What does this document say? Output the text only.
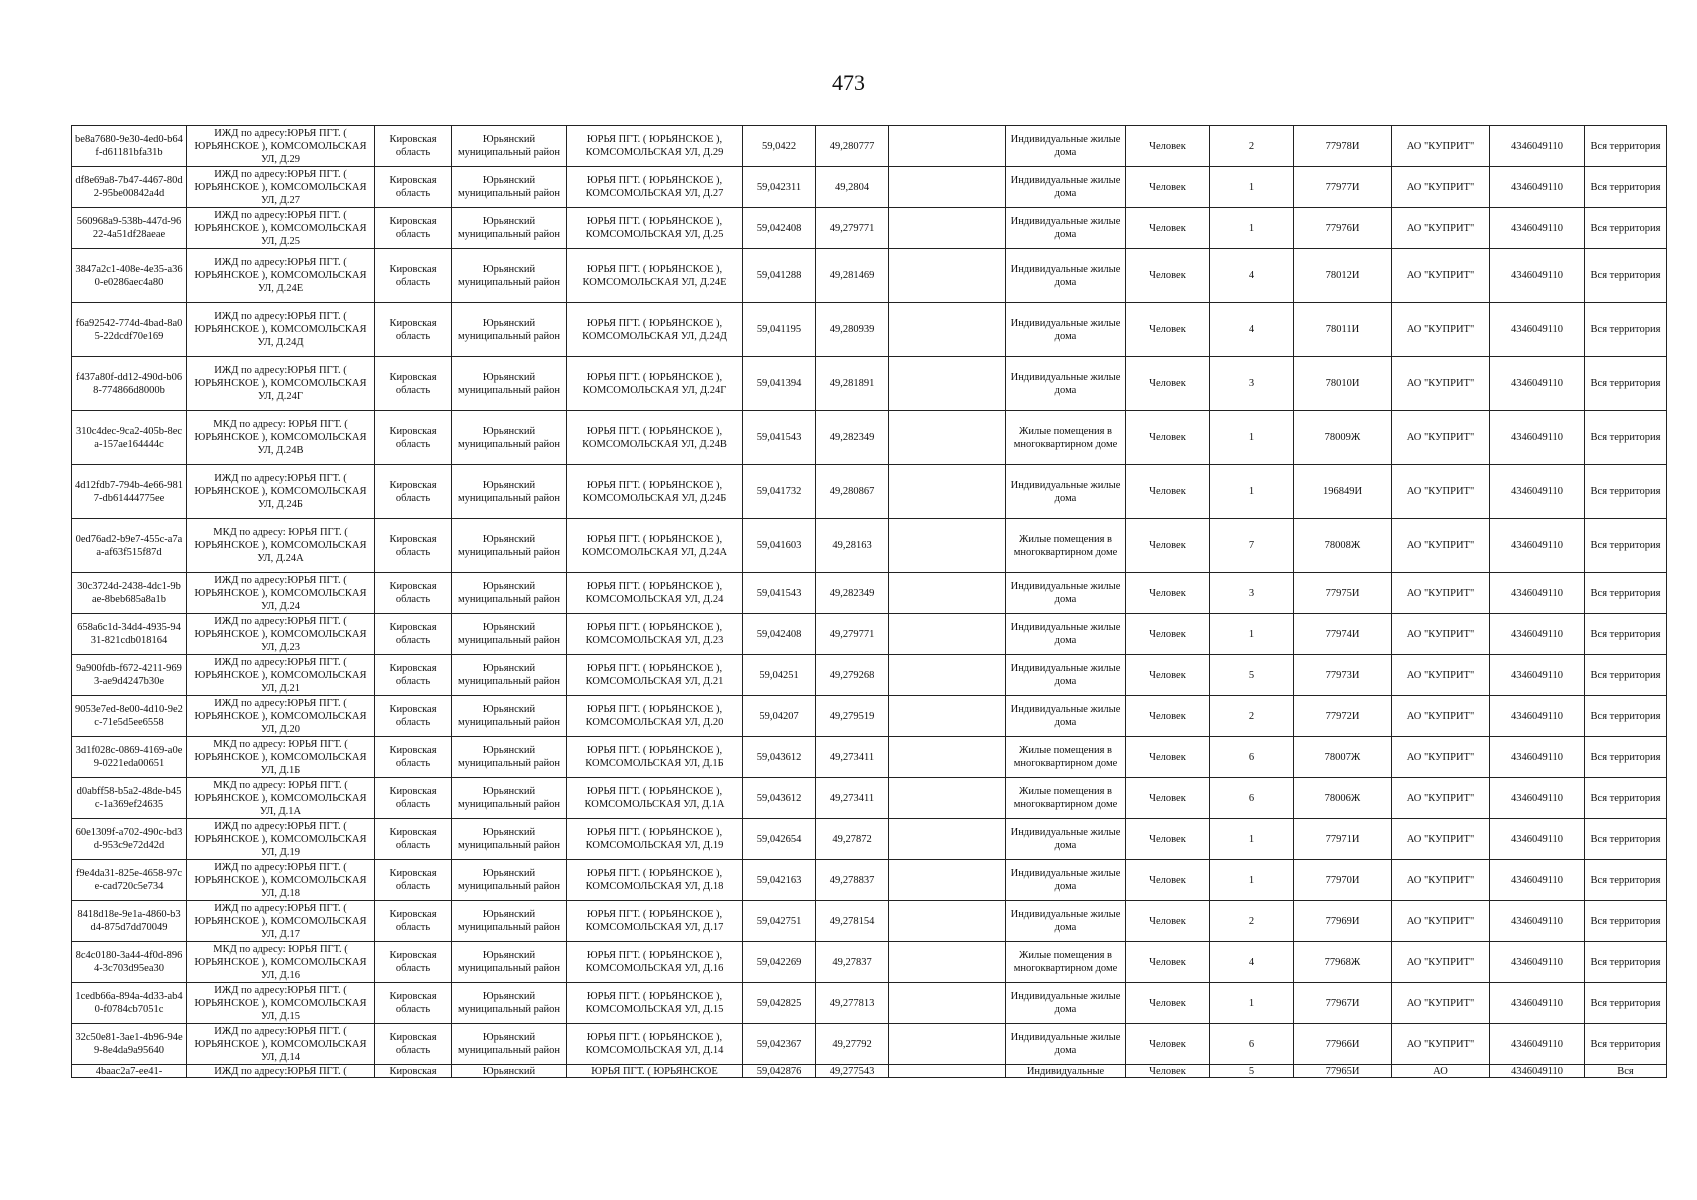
473
be8a7680-9e30-4ed0-b64f-d61181bfa31b	ИЖД по адресу:ЮРЬЯ ПГТ. ( ЮРЬЯНСКОЕ ), КОМСОМОЛЬСКАЯ УЛ, Д.29	Кировская область	Юрьянский муниципальный район	ЮРЬЯ ПГТ. ( ЮРЬЯНСКОЕ ), КОМСОМОЛЬСКАЯ УЛ, Д.29	59,0422	49,280777		Индивидуальные жилые дома	Человек	2	77978И	АО "КУПРИТ"	4346049110	Вся территория
df8e69a8-7b47-4467-80d2-95be00842a4d	ИЖД по адресу:ЮРЬЯ ПГТ. ( ЮРЬЯНСКОЕ ), КОМСОМОЛЬСКАЯ УЛ, Д.27	Кировская область	Юрьянский муниципальный район	ЮРЬЯ ПГТ. ( ЮРЬЯНСКОЕ ), КОМСОМОЛЬСКАЯ УЛ, Д.27	59,042311	49,2804		Индивидуальные жилые дома	Человек	1	77977И	АО "КУПРИТ"	4346049110	Вся территория
560968a9-538b-447d-9622-4a51df28aeae	ИЖД по адресу:ЮРЬЯ ПГТ. ( ЮРЬЯНСКОЕ ), КОМСОМОЛЬСКАЯ УЛ, Д.25	Кировская область	Юрьянский муниципальный район	ЮРЬЯ ПГТ. ( ЮРЬЯНСКОЕ ), КОМСОМОЛЬСКАЯ УЛ, Д.25	59,042408	49,279771		Индивидуальные жилые дома	Человек	1	77976И	АО "КУПРИТ"	4346049110	Вся территория
3847a2c1-408e-4e35-a360-e0286aec4a80	ИЖД по адресу:ЮРЬЯ ПГТ. ( ЮРЬЯНСКОЕ ), КОМСОМОЛЬСКАЯ УЛ, Д.24Е	Кировская область	Юрьянский муниципальный район	ЮРЬЯ ПГТ. ( ЮРЬЯНСКОЕ ), КОМСОМОЛЬСКАЯ УЛ, Д.24Е	59,041288	49,281469		Индивидуальные жилые дома	Человек	4	78012И	АО "КУПРИТ"	4346049110	Вся территория
f6a92542-774d-4bad-8a05-22dcdf70e169	ИЖД по адресу:ЮРЬЯ ПГТ. ( ЮРЬЯНСКОЕ ), КОМСОМОЛЬСКАЯ УЛ, Д.24Д	Кировская область	Юрьянский муниципальный район	ЮРЬЯ ПГТ. ( ЮРЬЯНСКОЕ ), КОМСОМОЛЬСКАЯ УЛ, Д.24Д	59,041195	49,280939		Индивидуальные жилые дома	Человек	4	78011И	АО "КУПРИТ"	4346049110	Вся территория
f437a80f-dd12-490d-b068-774866d8000b	ИЖД по адресу:ЮРЬЯ ПГТ. ( ЮРЬЯНСКОЕ ), КОМСОМОЛЬСКАЯ УЛ, Д.24Г	Кировская область	Юрьянский муниципальный район	ЮРЬЯ ПГТ. ( ЮРЬЯНСКОЕ ), КОМСОМОЛЬСКАЯ УЛ, Д.24Г	59,041394	49,281891		Индивидуальные жилые дома	Человек	3	78010И	АО "КУПРИТ"	4346049110	Вся территория
310c4dec-9ca2-405b-8eca-157ae164444c	МКД по адресу: ЮРЬЯ ПГТ. ( ЮРЬЯНСКОЕ ), КОМСОМОЛЬСКАЯ УЛ, Д.24В	Кировская область	Юрьянский муниципальный район	ЮРЬЯ ПГТ. ( ЮРЬЯНСКОЕ ), КОМСОМОЛЬСКАЯ УЛ, Д.24В	59,041543	49,282349		Жилые помещения в многоквартирном доме	Человек	1	78009Ж	АО "КУПРИТ"	4346049110	Вся территория
4d12fdb7-794b-4e66-9817-db61444775ee	ИЖД по адресу:ЮРЬЯ ПГТ. ( ЮРЬЯНСКОЕ ), КОМСОМОЛЬСКАЯ УЛ, Д.24Б	Кировская область	Юрьянский муниципальный район	ЮРЬЯ ПГТ. ( ЮРЬЯНСКОЕ ), КОМСОМОЛЬСКАЯ УЛ, Д.24Б	59,041732	49,280867		Индивидуальные жилые дома	Человек	1	196849И	АО "КУПРИТ"	4346049110	Вся территория
0ed76ad2-b9e7-455c-a7aa-af63f515f87d	МКД по адресу: ЮРЬЯ ПГТ. ( ЮРЬЯНСКОЕ ), КОМСОМОЛЬСКАЯ УЛ, Д.24А	Кировская область	Юрьянский муниципальный район	ЮРЬЯ ПГТ. ( ЮРЬЯНСКОЕ ), КОМСОМОЛЬСКАЯ УЛ, Д.24А	59,041603	49,28163		Жилые помещения в многоквартирном доме	Человек	7	78008Ж	АО "КУПРИТ"	4346049110	Вся территория
30c3724d-2438-4dc1-9bae-8beb685a8a1b	ИЖД по адресу:ЮРЬЯ ПГТ. ( ЮРЬЯНСКОЕ ), КОМСОМОЛЬСКАЯ УЛ, Д.24	Кировская область	Юрьянский муниципальный район	ЮРЬЯ ПГТ. ( ЮРЬЯНСКОЕ ), КОМСОМОЛЬСКАЯ УЛ, Д.24	59,041543	49,282349		Индивидуальные жилые дома	Человек	3	77975И	АО "КУПРИТ"	4346049110	Вся территория
658a6c1d-34d4-4935-9431-821cdb018164	ИЖД по адресу:ЮРЬЯ ПГТ. ( ЮРЬЯНСКОЕ ), КОМСОМОЛЬСКАЯ УЛ, Д.23	Кировская область	Юрьянский муниципальный район	ЮРЬЯ ПГТ. ( ЮРЬЯНСКОЕ ), КОМСОМОЛЬСКАЯ УЛ, Д.23	59,042408	49,279771		Индивидуальные жилые дома	Человек	1	77974И	АО "КУПРИТ"	4346049110	Вся территория
9a900fdb-f672-4211-9693-ae9d4247b30e	ИЖД по адресу:ЮРЬЯ ПГТ. ( ЮРЬЯНСКОЕ ), КОМСОМОЛЬСКАЯ УЛ, Д.21	Кировская область	Юрьянский муниципальный район	ЮРЬЯ ПГТ. ( ЮРЬЯНСКОЕ ), КОМСОМОЛЬСКАЯ УЛ, Д.21	59,04251	49,279268		Индивидуальные жилые дома	Человек	5	77973И	АО "КУПРИТ"	4346049110	Вся территория
9053e7ed-8e00-4d10-9e2c-71e5d5ee6558	ИЖД по адресу:ЮРЬЯ ПГТ. ( ЮРЬЯНСКОЕ ), КОМСОМОЛЬСКАЯ УЛ, Д.20	Кировская область	Юрьянский муниципальный район	ЮРЬЯ ПГТ. ( ЮРЬЯНСКОЕ ), КОМСОМОЛЬСКАЯ УЛ, Д.20	59,04207	49,279519		Индивидуальные жилые дома	Человек	2	77972И	АО "КУПРИТ"	4346049110	Вся территория
3d1f028c-0869-4169-a0e9-0221eda00651	МКД по адресу: ЮРЬЯ ПГТ. ( ЮРЬЯНСКОЕ ), КОМСОМОЛЬСКАЯ УЛ, Д.1Б	Кировская область	Юрьянский муниципальный район	ЮРЬЯ ПГТ. ( ЮРЬЯНСКОЕ ), КОМСОМОЛЬСКАЯ УЛ, Д.1Б	59,043612	49,273411		Жилые помещения в многоквартирном доме	Человек	6	78007Ж	АО "КУПРИТ"	4346049110	Вся территория
d0abff58-b5a2-48de-b45c-1a369ef24635	МКД по адресу: ЮРЬЯ ПГТ. ( ЮРЬЯНСКОЕ ), КОМСОМОЛЬСКАЯ УЛ, Д.1А	Кировская область	Юрьянский муниципальный район	ЮРЬЯ ПГТ. ( ЮРЬЯНСКОЕ ), КОМСОМОЛЬСКАЯ УЛ, Д.1А	59,043612	49,273411		Жилые помещения в многоквартирном доме	Человек	6	78006Ж	АО "КУПРИТ"	4346049110	Вся территория
60e1309f-a702-490c-bd3d-953c9e72d42d	ИЖД по адресу:ЮРЬЯ ПГТ. ( ЮРЬЯНСКОЕ ), КОМСОМОЛЬСКАЯ УЛ, Д.19	Кировская область	Юрьянский муниципальный район	ЮРЬЯ ПГТ. ( ЮРЬЯНСКОЕ ), КОМСОМОЛЬСКАЯ УЛ, Д.19	59,042654	49,27872		Индивидуальные жилые дома	Человек	1	77971И	АО "КУПРИТ"	4346049110	Вся территория
f9e4da31-825e-4658-97ce-cad720c5e734	ИЖД по адресу:ЮРЬЯ ПГТ. ( ЮРЬЯНСКОЕ ), КОМСОМОЛЬСКАЯ УЛ, Д.18	Кировская область	Юрьянский муниципальный район	ЮРЬЯ ПГТ. ( ЮРЬЯНСКОЕ ), КОМСОМОЛЬСКАЯ УЛ, Д.18	59,042163	49,278837		Индивидуальные жилые дома	Человек	1	77970И	АО "КУПРИТ"	4346049110	Вся территория
8418d18e-9e1a-4860-b3d4-875d7dd70049	ИЖД по адресу:ЮРЬЯ ПГТ. ( ЮРЬЯНСКОЕ ), КОМСОМОЛЬСКАЯ УЛ, Д.17	Кировская область	Юрьянский муниципальный район	ЮРЬЯ ПГТ. ( ЮРЬЯНСКОЕ ), КОМСОМОЛЬСКАЯ УЛ, Д.17	59,042751	49,278154		Индивидуальные жилые дома	Человек	2	77969И	АО "КУПРИТ"	4346049110	Вся территория
8c4c0180-3a44-4f0d-8964-3c703d95ea30	МКД по адресу: ЮРЬЯ ПГТ. ( ЮРЬЯНСКОЕ ), КОМСОМОЛЬСКАЯ УЛ, Д.16	Кировская область	Юрьянский муниципальный район	ЮРЬЯ ПГТ. ( ЮРЬЯНСКОЕ ), КОМСОМОЛЬСКАЯ УЛ, Д.16	59,042269	49,27837		Жилые помещения в многоквартирном доме	Человек	4	77968Ж	АО "КУПРИТ"	4346049110	Вся территория
1cedb66a-894a-4d33-ab40-f0784cb7051c	ИЖД по адресу:ЮРЬЯ ПГТ. ( ЮРЬЯНСКОЕ ), КОМСОМОЛЬСКАЯ УЛ, Д.15	Кировская область	Юрьянский муниципальный район	ЮРЬЯ ПГТ. ( ЮРЬЯНСКОЕ ), КОМСОМОЛЬСКАЯ УЛ, Д.15	59,042825	49,277813		Индивидуальные жилые дома	Человек	1	77967И	АО "КУПРИТ"	4346049110	Вся территория
32c50e81-3ae1-4b96-94e9-8e4da9a95640	ИЖД по адресу:ЮРЬЯ ПГТ. ( ЮРЬЯНСКОЕ ), КОМСОМОЛЬСКАЯ УЛ, Д.14	Кировская область	Юрьянский муниципальный район	ЮРЬЯ ПГТ. ( ЮРЬЯНСКОЕ ), КОМСОМОЛЬСКАЯ УЛ, Д.14	59,042367	49,27792		Индивидуальные жилые дома	Человек	6	77966И	АО "КУПРИТ"	4346049110	Вся территория

4baac2a7-ee41-	ИЖД по адресу:ЮРЬЯ ПГТ. (	Кировская	Юрьянский	ЮРЬЯ ПГТ. ( ЮРЬЯНСКОЕ	59,042876	49,277543		Индивидуальные	Человек	5	77965И	АО	4346049110	Вся
